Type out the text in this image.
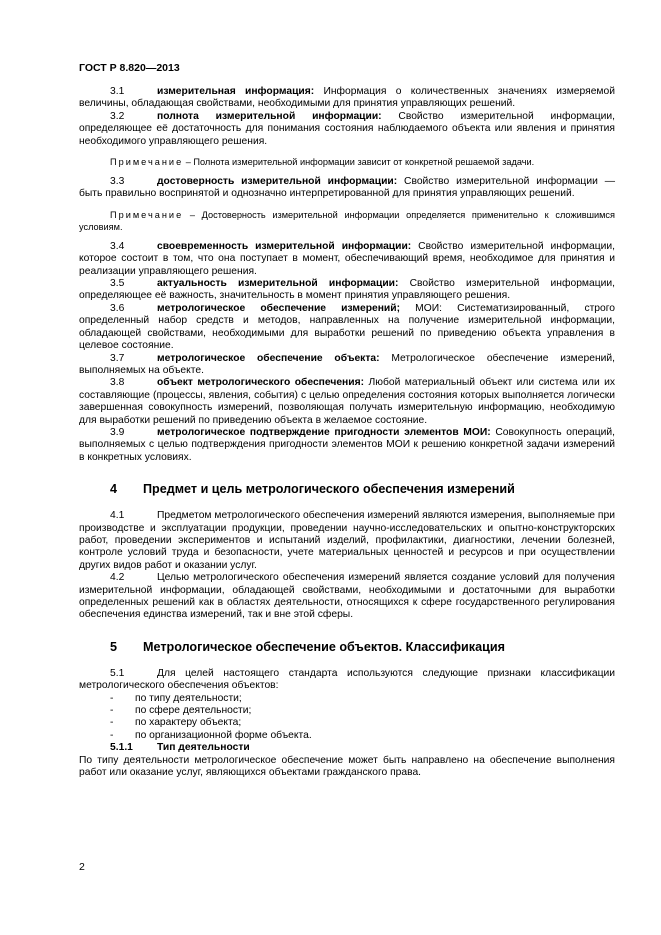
ГОСТ Р 8.820—2013

3.1	измерительная информация: Информация о количественных значениях измеряемой величины, обладающая свойствами, необходимыми для принятия управляющих решений.

3.2	полнота измерительной информации: Свойство измерительной информации, определяющее её достаточность для понимания состояния наблюдаемого объекта или явления и принятия необходимого управляющего решения.

Примечание – Полнота измерительной информации зависит от конкретной решаемой задачи.

3.3	достоверность измерительной информации: Свойство измерительной информации — быть правильно воспринятой и однозначно интерпретированной для принятия управляющих решений.

Примечание – Достоверность измерительной информации определяется применительно к сложившимся условиям.

3.4	своевременность измерительной информации: Свойство измерительной информации, которое состоит в том, что она поступает в момент, обеспечивающий время, необходимое для принятия и реализации управляющего решения.

3.5	актуальность измерительной информации: Свойство измерительной информации, определяющее её важность, значительность в момент принятия управляющего решения.

3.6	метрологическое обеспечение измерений; МОИ: Систематизированный, строго определенный набор средств и методов, направленных на получение измерительной информации, обладающей свойствами, необходимыми для выработки решений по приведению объекта управления в целевое состояние.

3.7	метрологическое обеспечение объекта: Метрологическое обеспечение измерений, выполняемых на объекте.

3.8	объект метрологического обеспечения: Любой материальный объект или система или их составляющие (процессы, явления, события) с целью определения состояния которых выполняется логически завершенная совокупность измерений, позволяющая получать измерительную информацию, необходимую для выработки решений по приведению объекта в желаемое состояние.

3.9	метрологическое подтверждение пригодности элементов МОИ: Совокупность операций, выполняемых с целью подтверждения пригодности элементов МОИ к решению конкретной задачи измерений в конкретных условиях.

4 Предмет и цель метрологического обеспечения измерений

4.1	Предметом метрологического обеспечения измерений являются измерения, выполняемые при производстве и эксплуатации продукции, проведении научно-исследовательских и опытно-конструкторских работ, проведении экспериментов и испытаний изделий, профилактики, диагностики, лечении болезней, контроле условий труда и безопасности, учете материальных ценностей и ресурсов и при осуществлении других видов работ и оказании услуг.

4.2	Целью метрологического обеспечения измерений является создание условий для получения измерительной информации, обладающей свойствами, необходимыми и достаточными для выработки определенных решений как в областях деятельности, относящихся к сфере государственного регулирования обеспечения единства измерений, так и вне этой сферы.

5 Метрологическое обеспечение объектов. Классификация

5.1	Для целей настоящего стандарта используются следующие признаки классификации метрологического обеспечения объектов:

- по типу деятельности;
- по сфере деятельности;
- по характеру объекта;
- по организационной форме объекта.

5.1.1 Тип деятельности

По типу деятельности метрологическое обеспечение может быть направлено на обеспечение выполнения работ или оказание услуг, являющихся объектами гражданского права.

2
